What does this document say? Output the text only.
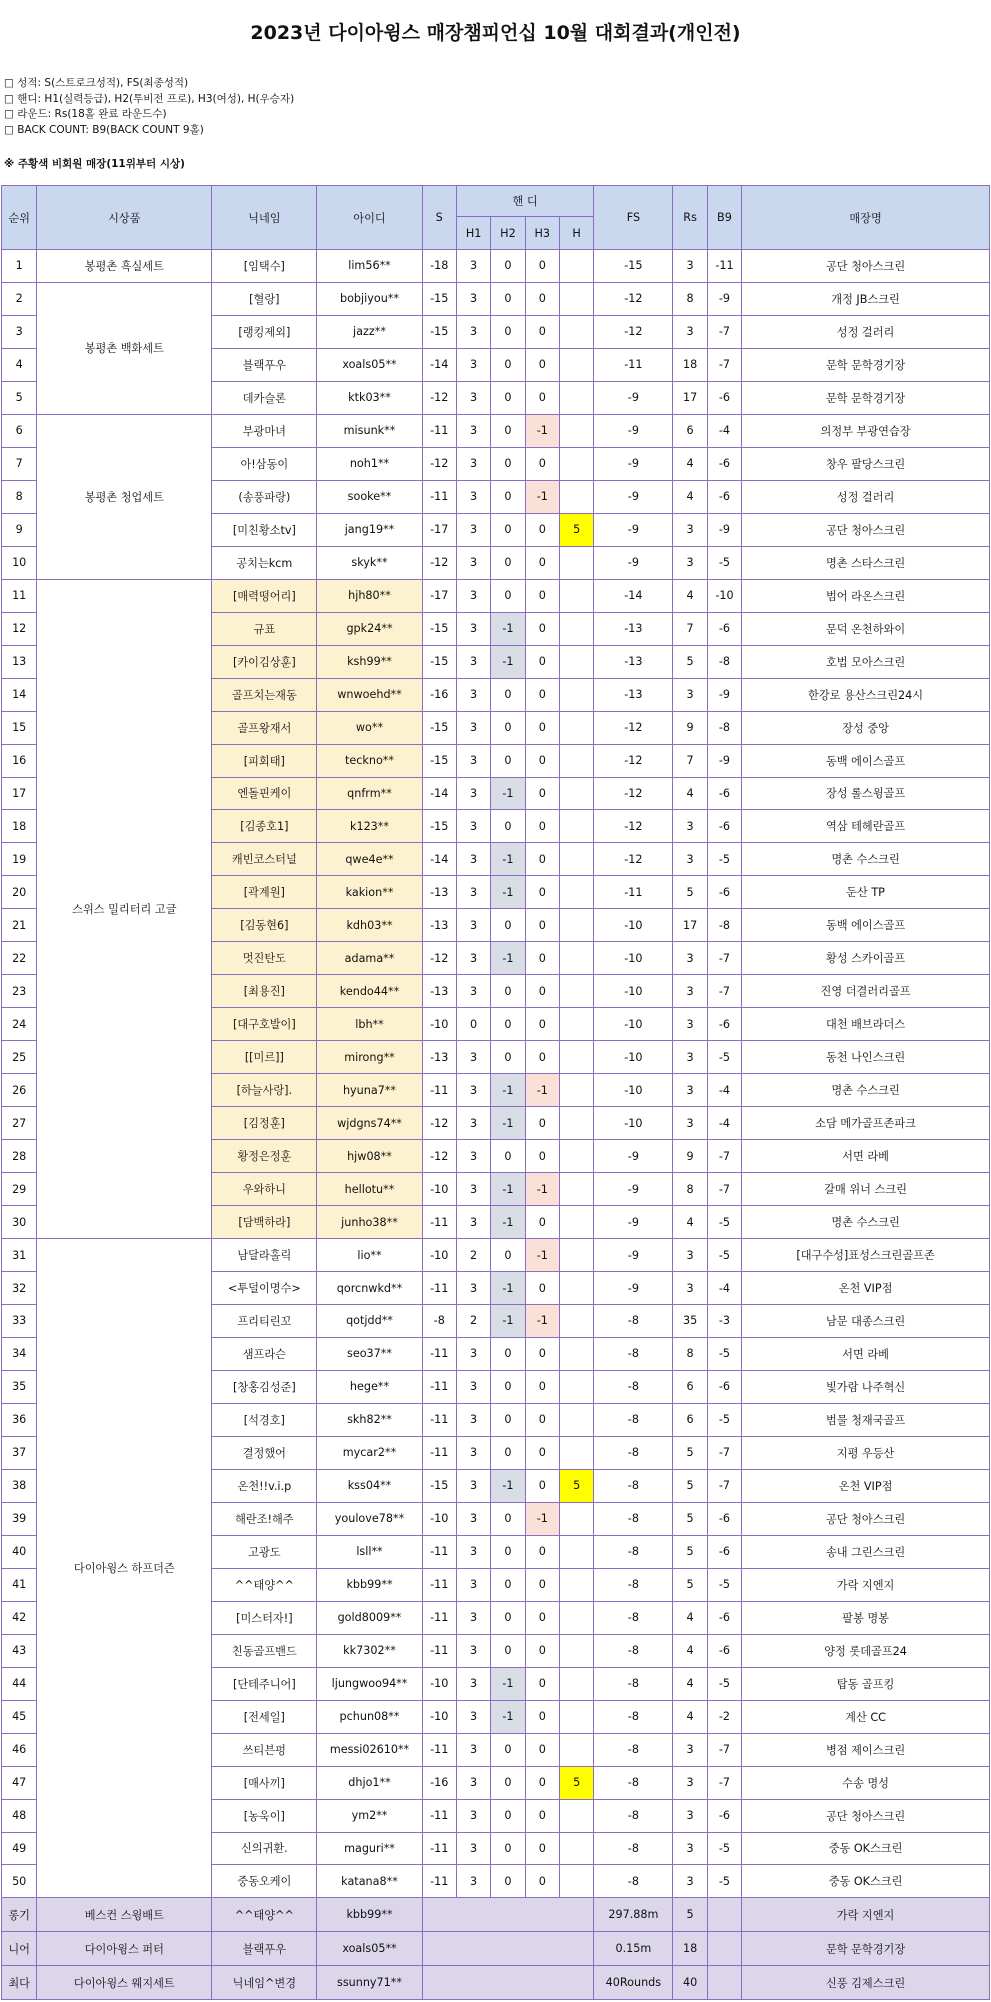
2023년 다이아윙스 매장챔피언십 10월 대회결과(개인전)
□ 성적: S(스트로크성적), FS(최종성적)
□ 핸디: H1(실력등급), H2(투비전 프로), H3(여성), H(우승자)
□ 라운드: Rs(18홀 완료 라운드수)
□ BACK COUNT: B9(BACK COUNT 9홀)
※ 주황색 비회원 매장(11위부터 시상)
순위	시상품	닉네임	아이디	S	핸 디				FS	Rs	B9	매장명
					H1	H2	H3	H				
1	봉평촌 흑실세트	[임택수]	lim56**	-18	3	0	0		-15	3	-11	공단 청아스크린
2	봉평촌 백화세트	[혈랑]	bobjiyou**	-15	3	0	0		-12	8	-9	개정 JB스크린
3		[랭킹제외]	jazz**	-15	3	0	0		-12	3	-7	성정 걸러리
4		블랙푸우	xoals05**	-14	3	0	0		-11	18	-7	문학 문학경기장
5		데카슬론	ktk03**	-12	3	0	0		-9	17	-6	문학 문학경기장
6	봉평촌 청업세트	부광마녀	misunk**	-11	3	0	-1		-9	6	-4	의정부 부광연습장
7		아!삼동이	noh1**	-12	3	0	0		-9	4	-6	창우 팔당스크린
8		(송풍파랑)	sooke**	-11	3	0	-1		-9	4	-6	성정 걸러리
9		[미친황소tv]	jang19**	-17	3	0	0	5	-9	3	-9	공단 청아스크린
10		공치는kcm	skyk**	-12	3	0	0		-9	3	-5	명촌 스타스크린
11	스위스 밀리터리 고글	[매력떵어리]	hjh80**	-17	3	0	0		-14	4	-10	범어 라온스크린
12		규표	gpk24**	-15	3	-1	0		-13	7	-6	문덕 온천하와이
13		[카이김상훈]	ksh99**	-15	3	-1	0		-13	5	-8	호법 모아스크린
14		골프치는재동	wnwoehd**	-16	3	0	0		-13	3	-9	한강로 용산스크린24시
15		골프왕재서	wo**	-15	3	0	0		-12	9	-8	장성 중앙
16		[피회태]	teckno**	-15	3	0	0		-12	7	-9	동백 에이스골프
17		엔돌핀케이	qnfrm**	-14	3	-1	0		-12	4	-6	장성 롤스윙골프
18		[김종호1]	k123**	-15	3	0	0		-12	3	-6	역삼 테헤란골프
19		캐빈코스터널	qwe4e**	-14	3	-1	0		-12	3	-5	명촌 수스크린
20		[곽계원]	kakion**	-13	3	-1	0		-11	5	-6	둔산 TP
21		[김동현6]	kdh03**	-13	3	0	0		-10	17	-8	동백 에이스골프
22		멋진탄도	adama**	-12	3	-1	0		-10	3	-7	황성 스카이골프
23		[최용진]	kendo44**	-13	3	0	0		-10	3	-7	진영 더결러리골프
24		[대구호발이]	lbh**	-10	0	0	0		-10	3	-6	대천 배브라더스
25		[[미르]]	mirong**	-13	3	0	0		-10	3	-5	동천 나인스크린
26		[하늘사랑].	hyuna7**	-11	3	-1	-1		-10	3	-4	명촌 수스크린
27		[김정훈]	wjdgns74**	-12	3	-1	0		-10	3	-4	소담 메가골프존파크
28		황정은정훈	hjw08**	-12	3	0	0		-9	9	-7	서면 라베
29		우와하니	hellotu**	-10	3	-1	-1		-9	8	-7	갈매 위너 스크린
30		[담백하라]	junho38**	-11	3	-1	0		-9	4	-5	명촌 수스크린
31	다이아윙스 하프더즌	남달라홀릭	lio**	-10	2	0	-1		-9	3	-5	[대구수성]표성스크린골프존
32		<투덜이명수>	qorcnwkd**	-11	3	-1	0		-9	3	-4	온천 VIP점
33		프리티린꼬	qotjdd**	-8	2	-1	-1		-8	35	-3	남문 대종스크린
34		샘프라슨	seo37**	-11	3	0	0		-8	8	-5	서면 라베
35		[창홍김성준]	hege**	-11	3	0	0		-8	6	-6	빛가람 나주혁신
36		[석경호]	skh82**	-11	3	0	0		-8	6	-5	범물 청재국골프
37		결정했어	mycar2**	-11	3	0	0		-8	5	-7	지평 우등산
38		온천!!v.i.p	kss04**	-15	3	-1	0	5	-8	5	-7	온천 VIP점
39		해란조!해주	youlove78**	-10	3	0	-1		-8	5	-6	공단 청아스크린
40		고광도	lsll**	-11	3	0	0		-8	5	-6	송내 그린스크린
41		^^태양^^	kbb99**	-11	3	0	0		-8	5	-5	가락 지엔지
42		[미스터자!]	gold8009**	-11	3	0	0		-8	4	-6	팔봉 명봉
43		친동골프밴드	kk7302**	-11	3	0	0		-8	4	-6	양정 롯데골프24
44		[단테주니어]	ljungwoo94**	-10	3	-1	0		-8	4	-5	탑동 골프킹
45		[전세일]	pchun08**	-10	3	-1	0		-8	4	-2	계산 CC
46		쓰티븐펑	messi02610**	-11	3	0	0		-8	3	-7	병점 제이스크린
47		[매사끼]	dhjo1**	-16	3	0	0	5	-8	3	-7	수송 명성
48		[농욱이]	ym2**	-11	3	0	0		-8	3	-6	공단 청아스크린
49		신의귀환.	maguri**	-11	3	0	0		-8	3	-5	중동 OK스크린
50		중동오케이	katana8**	-11	3	0	0		-8	3	-5	중동 OK스크린
롱기	베스컨 스윙배트	^^태양^^	kbb99**						297.88m	5		가락 지엔지
니어	다이아윙스 퍼터	블랙푸우	xoals05**						0.15m	18		문학 문학경기장
최다	다이아윙스 웨지세트	닉네임^변경	ssunny71**						40Rounds	40		신풍 김제스크린
